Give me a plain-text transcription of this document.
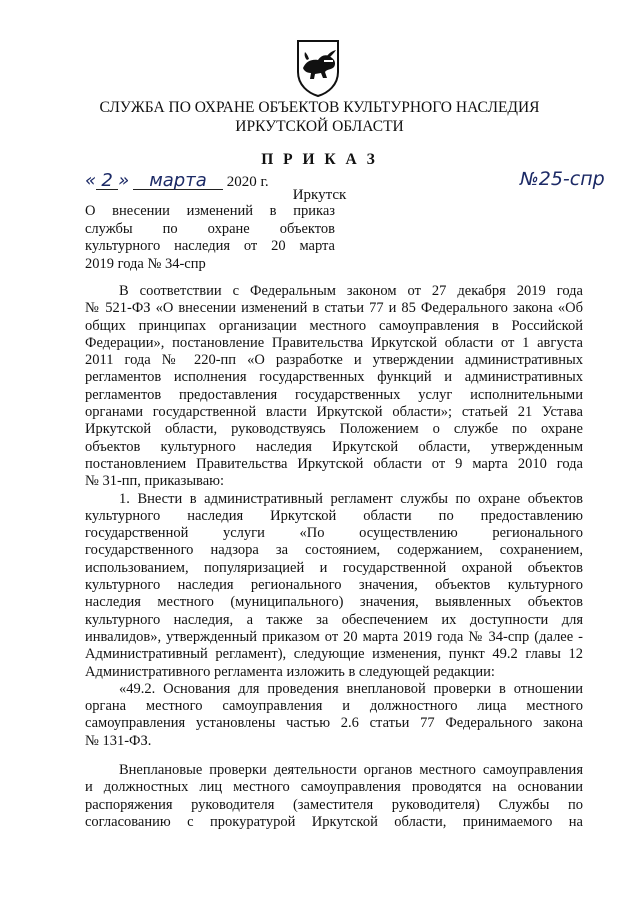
СЛУЖБА ПО ОХРАНЕ ОБЪЕКТОВ КУЛЬТУРНОГО НАСЛЕДИЯ
ИРКУТСКОЙ ОБЛАСТИ
П Р И К А З
« 2 » марта 2020 г.	№25-спр
Иркутск
О внесении изменений в приказ
службы по охране объектов
культурного наследия от 20 марта
2019 года № 34-спр
В соответствии с Федеральным законом от 27 декабря 2019 года
№ 521-ФЗ «О внесении изменений в статьи 77 и 85 Федерального закона «Об
общих принципах организации местного самоуправления в Российской
Федерации», постановление Правительства Иркутской области от 1 августа
2011 года № 220-пп «О разработке и утверждении административных
регламентов исполнения государственных функций и административных
регламентов предоставления государственных услуг исполнительными
органами государственной власти Иркутской области»; статьей 21 Устава
Иркутской области, руководствуясь Положением о службе по охране
объектов культурного наследия Иркутской области, утвержденным
постановлением Правительства Иркутской области от 9 марта 2010 года
№ 31-пп, приказываю:
1. Внести в административный регламент службы по охране объектов
культурного наследия Иркутской области по предоставлению
государственной услуги «По осуществлению регионального
государственного надзора за состоянием, содержанием, сохранением,
использованием, популяризацией и государственной охраной объектов
культурного наследия регионального значения, объектов культурного
наследия местного (муниципального) значения, выявленных объектов
культурного наследия, а также за обеспечением их доступности для
инвалидов», утвержденный приказом от 20 марта 2019 года № 34-спр (далее -
Административный регламент), следующие изменения, пункт 49.2 главы 12
Административного регламента изложить в следующей редакции:
«49.2. Основания для проведения внеплановой проверки в отношении
органа местного самоуправления и должностного лица местного
самоуправления установлены частью 2.6 статьи 77 Федерального закона
№ 131-ФЗ.
Внеплановые проверки деятельности органов местного самоуправления
и должностных лиц местного самоуправления проводятся на основании
распоряжения руководителя (заместителя руководителя) Службы по
согласованию с прокуратурой Иркутской области, принимаемого на
